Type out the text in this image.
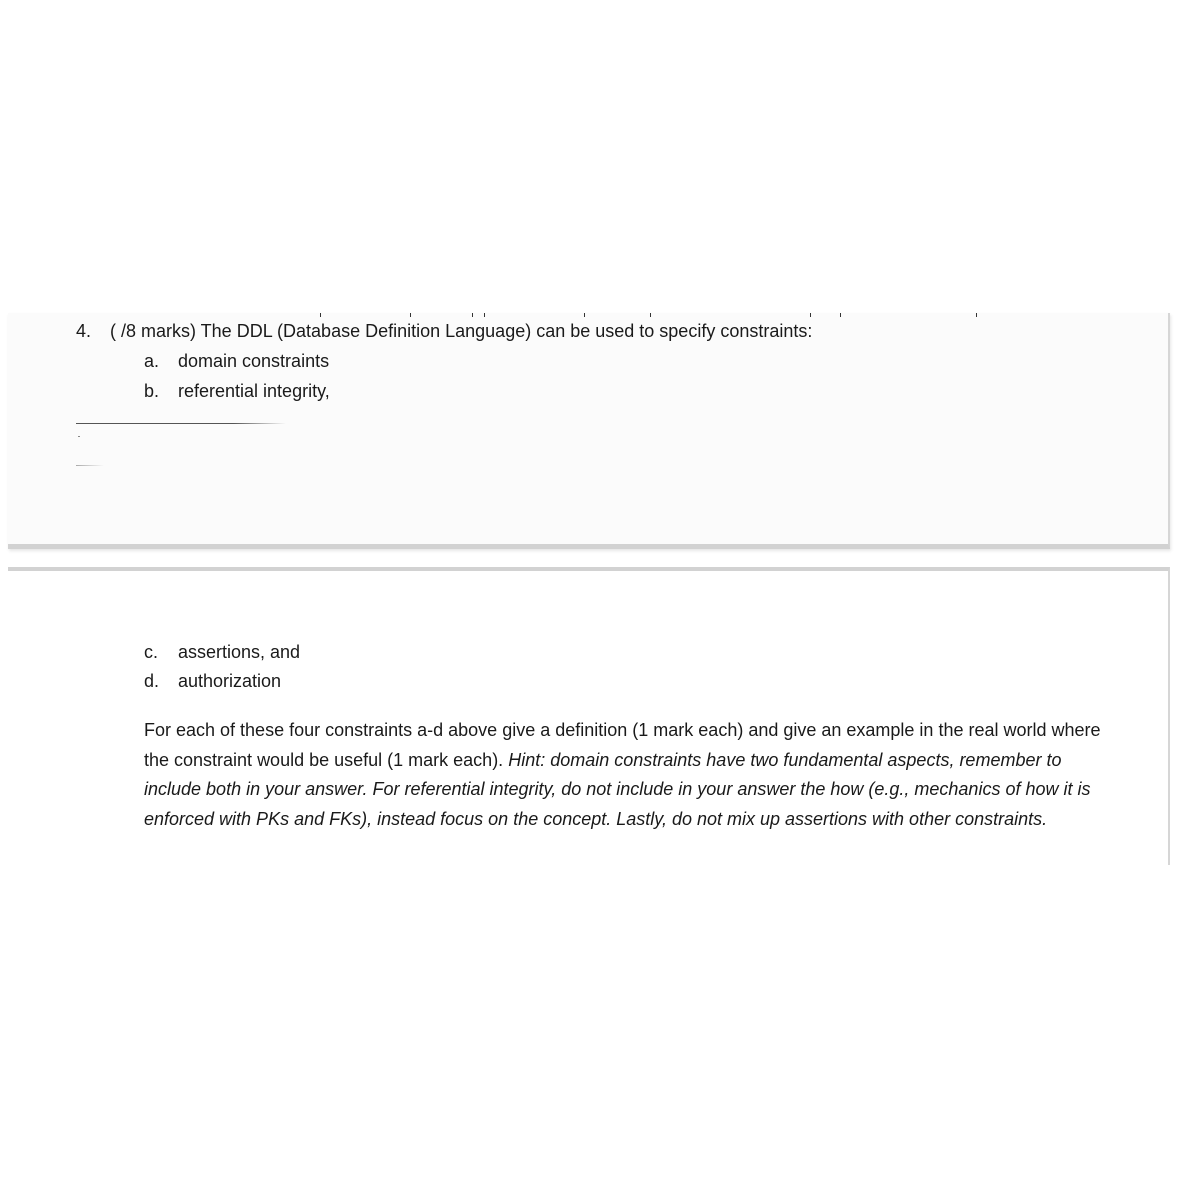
4. ( /8 marks) The DDL (Database Definition Language) can be used to specify constraints:
a. domain constraints
b. referential integrity,
c. assertions, and
d. authorization
For each of these four constraints a-d above give a definition (1 mark each) and give an example in the real world where the constraint would be useful (1 mark each). Hint: domain constraints have two fundamental aspects, remember to include both in your answer. For referential integrity, do not include in your answer the how (e.g., mechanics of how it is enforced with PKs and FKs), instead focus on the concept. Lastly, do not mix up assertions with other constraints.
